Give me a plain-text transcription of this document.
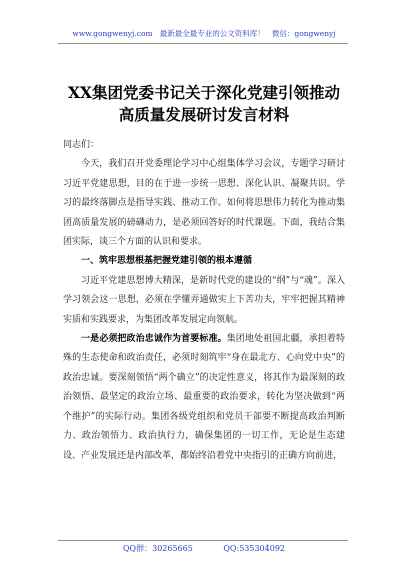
www.gongwenyj.com 最新最全最专业的公文资料库！ 微信：gongwenyj
XX集团党委书记关于深化党建引领推动
高质量发展研讨发言材料

同志们：

今天，我们召开党委理论学习中心组集体学习会议，专题学习研讨习近平党建思想，目的在于进一步统一思想、深化认识、凝聚共识。学习的最终落脚点是指导实践、推动工作。如何将思想伟力转化为推动集团高质量发展的磅礴动力，是必须回答好的时代课题。下面，我结合集团实际，谈三个方面的认识和要求。

一、筑牢思想根基把握党建引领的根本遵循

习近平党建思想博大精深，是新时代党的建设的“纲”与“魂”。深入学习领会这一思想，必须在学懂弄通做实上下苦功夫，牢牢把握其精神实质和实践要求，为集团改革发展定向领航。

一是必须把政治忠诚作为首要标准。集团地处祖国北疆，承担着特殊的生态使命和政治责任，必须时刻筑牢“身在最北方、心向党中央”的政治忠诚。要深刻领悟“两个确立”的决定性意义，将其作为最深刻的政治领悟、最坚定的政治立场、最重要的政治要求，转化为坚决做到“两个维护”的实际行动。集团各级党组织和党员干部要不断提高政治判断力、政治领悟力、政治执行力，确保集团的一切工作，无论是生态建设、产业发展还是内部改革，都始终沿着党中央指引的正确方向前进，

QQ群：30265665	QQ:535304092
